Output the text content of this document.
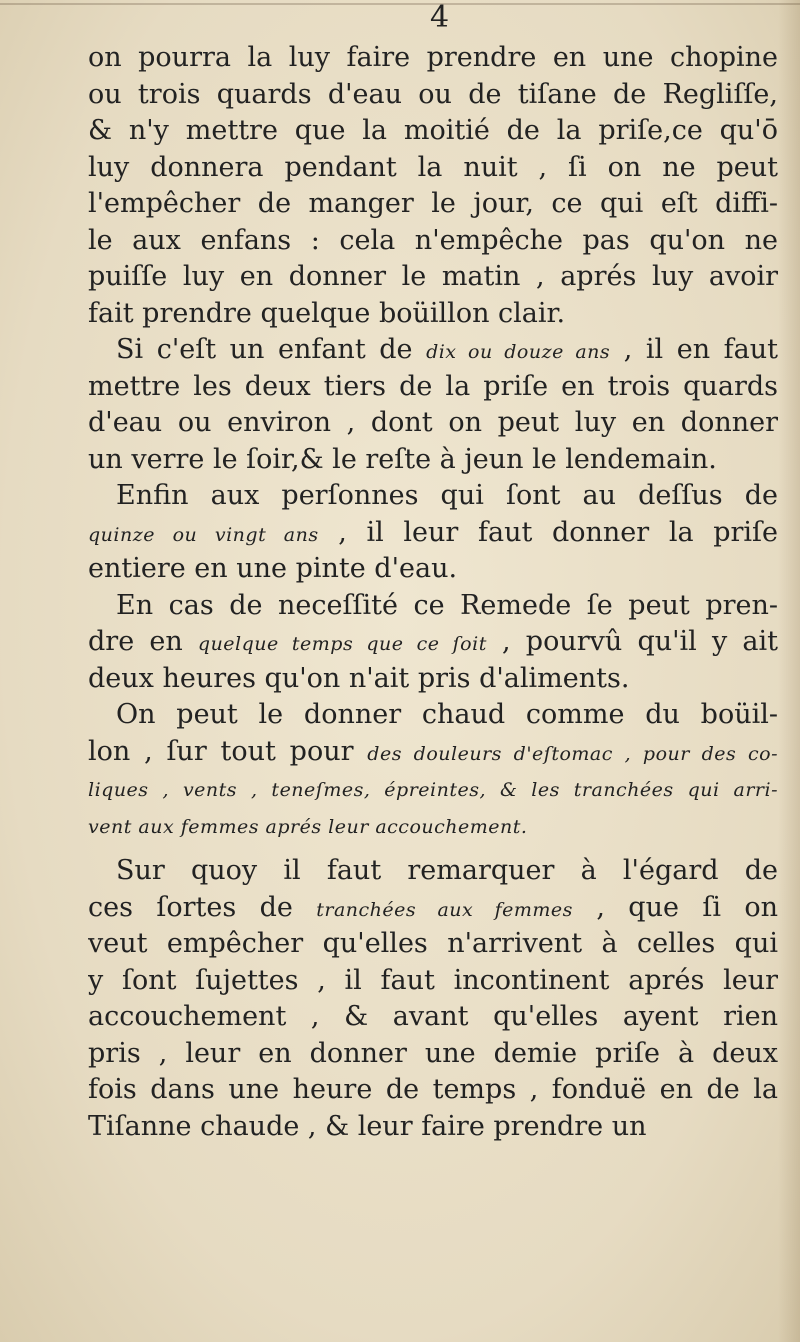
4
on pourra la luy faire prendre en une chopine
ou trois quards d'eau ou de tiſane de Regliſſe,
& n'y mettre que la moitié de la priſe,ce qu'ō
luy donnera pendant la nuit , ſi on ne peut
l'empêcher de manger le jour, ce qui eſt diffi-
le aux enfans : cela n'empêche pas qu'on ne
puiſſe luy en donner le matin , aprés luy avoir
fait prendre quelque boüillon clair.
Si c'eſt un enfant de dix ou douze ans , il en faut
mettre les deux tiers de la priſe en trois quards
d'eau ou environ , dont on peut luy en donner
un verre le ſoir,& le reſte à jeun le lendemain.
Enfin aux perſonnes qui ſont au deſſus de
quinze ou vingt ans , il leur faut donner la priſe
entiere en une pinte d'eau.
En cas de neceſſité ce Remede ſe peut pren-
dre en quelque temps que ce ſoit , pourvû qu'il y ait
deux heures qu'on n'ait pris d'aliments.
On peut le donner chaud comme du boüil-
lon , ſur tout pour des douleurs d'eſtomac , pour des co-
liques , vents , teneſmes, épreintes, & les tranchées qui arri-
vent aux femmes aprés leur accouchement.
Sur quoy il faut remarquer à l'égard de
ces ſortes de tranchées aux femmes , que ſi on
veut empêcher qu'elles n'arrivent à celles qui
y ſont ſujettes , il faut incontinent aprés leur
accouchement , & avant qu'elles ayent rien
pris , leur en donner une demie priſe à deux
fois dans une heure de temps , fonduë en de la
Tiſanne chaude , & leur faire prendre un
